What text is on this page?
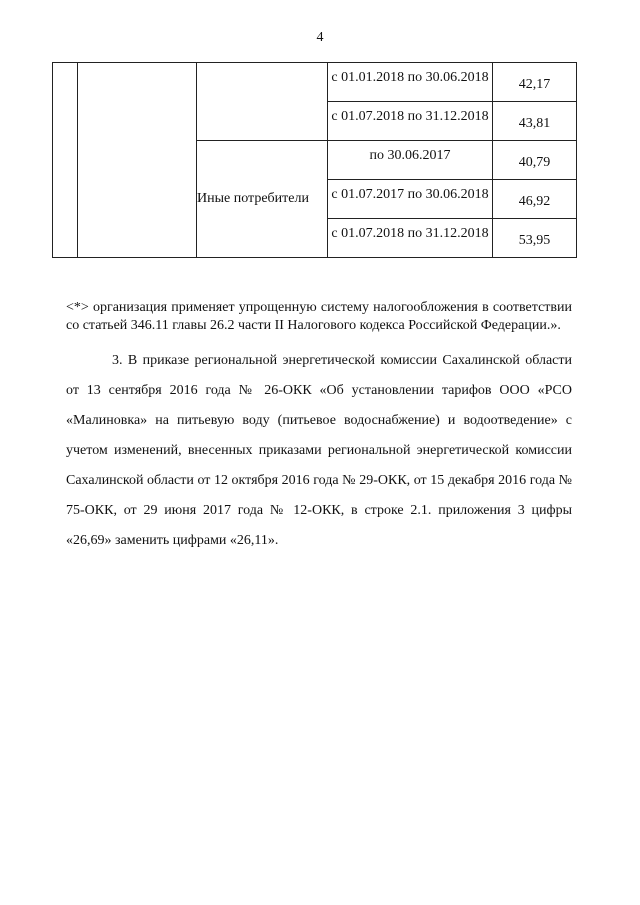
4
			с 01.01.2018 по 30.06.2018	42,17
			с 01.07.2018 по 31.12.2018	43,81
		Иные потребители	по 30.06.2017	40,79
			с 01.07.2017 по 30.06.2018	46,92
			с 01.07.2018 по 31.12.2018	53,95

<*> организация применяет упрощенную систему налогообложения в соответствии со статьей 346.11 главы 26.2 части II Налогового кодекса Российской Федерации.».

3. В приказе региональной энергетической комиссии Сахалинской области от 13 сентября 2016 года № 26-ОКК «Об установлении тарифов ООО «РСО «Малиновка» на питьевую воду (питьевое водоснабжение) и водоотведение» с учетом изменений, внесенных приказами региональной энергетической комиссии Сахалинской области от 12 октября 2016 года № 29-ОКК, от 15 декабря 2016 года № 75-ОКК, от 29 июня 2017 года № 12-ОКК, в строке 2.1. приложения 3 цифры «26,69» заменить цифрами «26,11».
